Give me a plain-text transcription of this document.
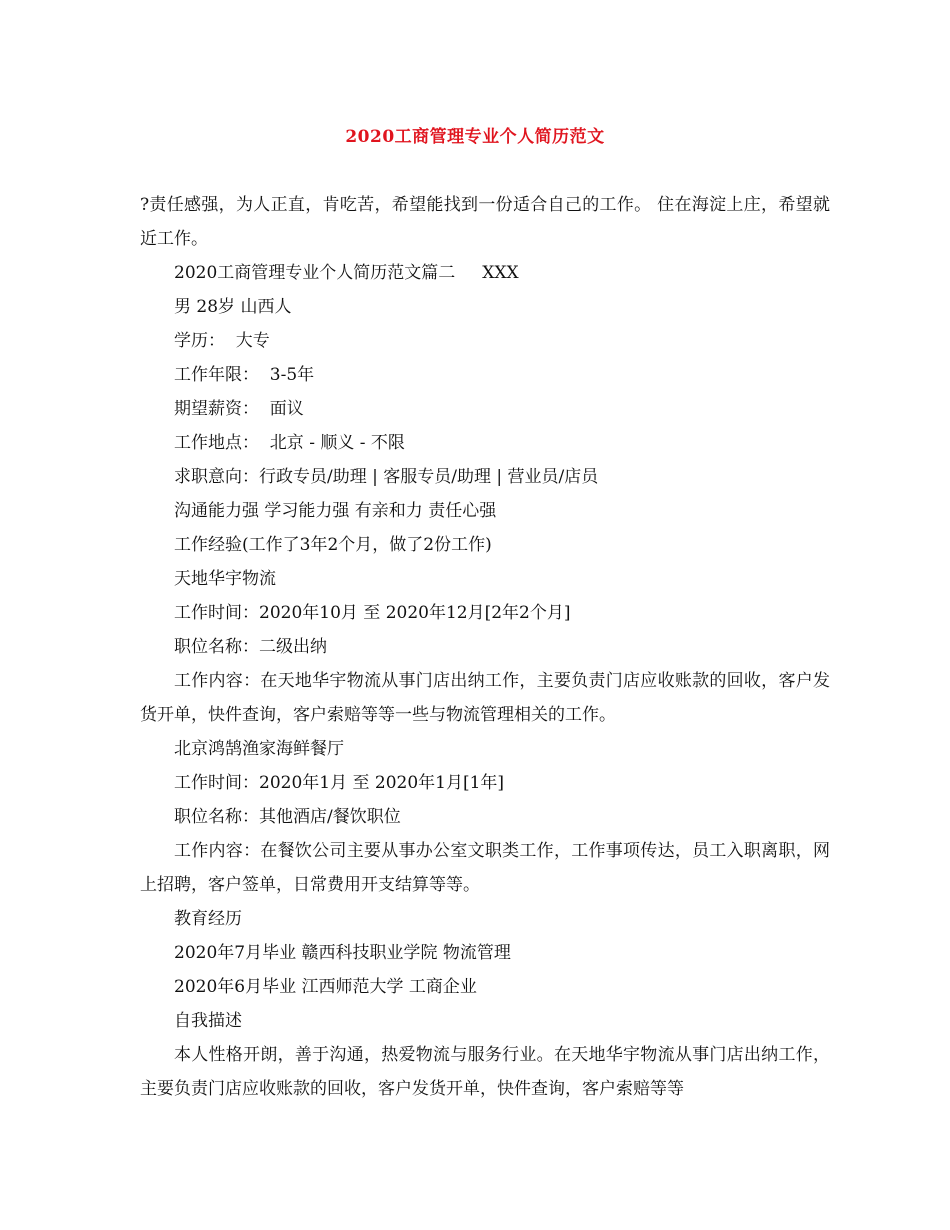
2020工商管理专业个人简历范文

?责任感强，为人正直，肯吃苦，希望能找到一份适合自己的工作。 住在海淀上庄，希望就近工作。

2020工商管理专业个人简历范文篇二     XXX

男 28岁 山西人

学历：  大专

工作年限：  3-5年

期望薪资：  面议

工作地点：  北京 - 顺义 - 不限

求职意向：行政专员/助理 | 客服专员/助理 | 营业员/店员

沟通能力强 学习能力强 有亲和力 责任心强

工作经验(工作了3年2个月，做了2份工作)

天地华宇物流

工作时间：2020年10月 至 2020年12月[2年2个月]

职位名称：二级出纳

工作内容：在天地华宇物流从事门店出纳工作，主要负责门店应收账款的回收，客户发货开单，快件查询，客户索赔等等一些与物流管理相关的工作。

北京鸿鹄渔家海鲜餐厅

工作时间：2020年1月 至 2020年1月[1年]

职位名称：其他酒店/餐饮职位

工作内容：在餐饮公司主要从事办公室文职类工作，工作事项传达，员工入职离职，网上招聘，客户签单，日常费用开支结算等等。

教育经历

2020年7月毕业 赣西科技职业学院 物流管理

2020年6月毕业 江西师范大学 工商企业

自我描述

本人性格开朗，善于沟通，热爱物流与服务行业。在天地华宇物流从事门店出纳工作，主要负责门店应收账款的回收，客户发货开单，快件查询，客户索赔等等
